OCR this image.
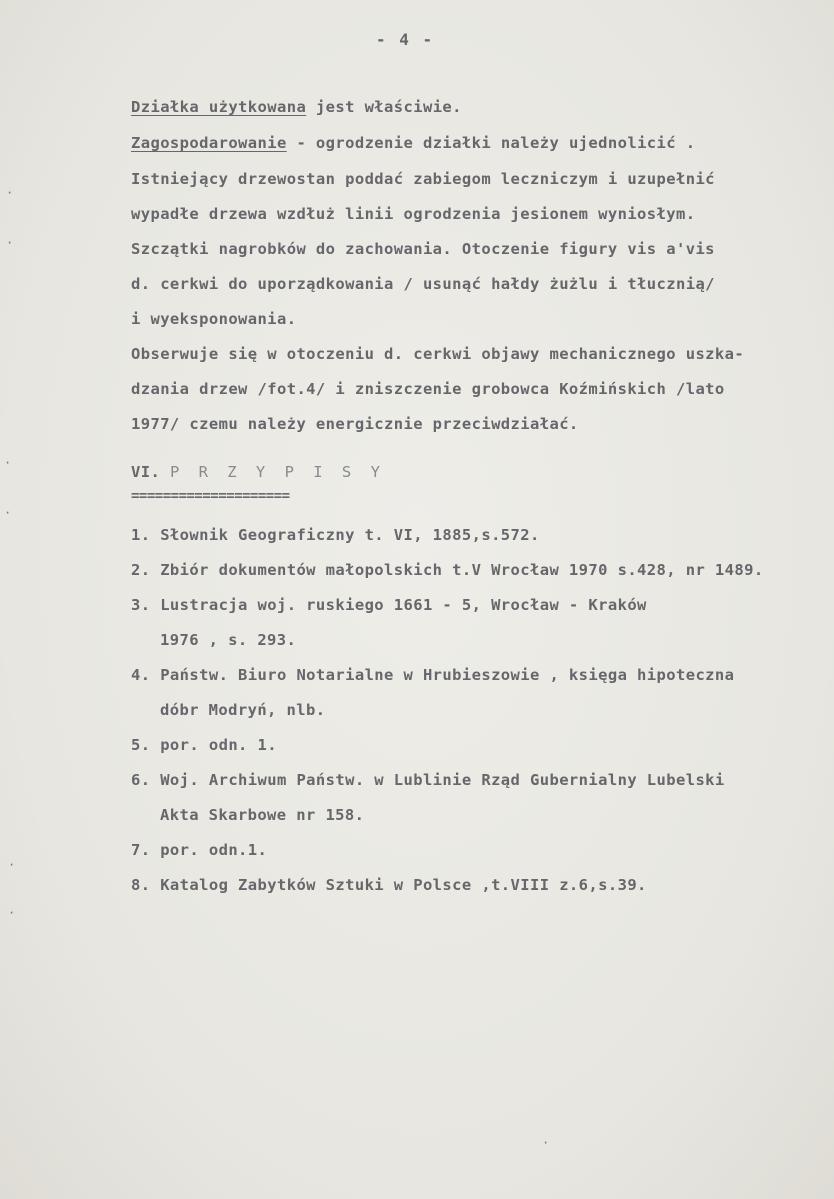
- 4 -
Działka użytkowana jest właściwie.
Zagospodarowanie - ogrodzenie działki należy ujednolicić .
Istniejący drzewostan poddać zabiegom leczniczym i uzupełnić
wypadłe drzewa wzdłuż linii ogrodzenia jesionem wyniosłym.
Szczątki nagrobków do zachowania. Otoczenie figury vis a'vis
d. cerkwi do uporządkowania / usunąć hałdy żużlu i tłucznią/
i wyeksponowania.
Obserwuje się w otoczeniu d. cerkwi objawy mechanicznego uszka-
dzania drzew /fot.4/ i zniszczenie grobowca Koźmińskich /lato
1977/ czemu należy energicznie przeciwdziałać.
VI. P R Z Y P I S Y
====================
1. Słownik Geograficzny t. VI, 1885,s.572.
2. Zbiór dokumentów małopolskich t.V Wrocław 1970 s.428, nr 1489.
3. Lustracja woj. ruskiego 1661 - 5, Wrocław - Kraków
1976 , s. 293.
4. Państw. Biuro Notarialne w Hrubieszowie , księga hipoteczna
dóbr Modryń, nlb.
5. por. odn. 1.
6. Woj. Archiwum Państw. w Lublinie Rząd Gubernialny Lubelski
Akta Skarbowe nr 158.
7. por. odn.1.
8. Katalog Zabytków Sztuki w Polsce ,t.VIII z.6,s.39.
·
·
·
·
·
·
·
